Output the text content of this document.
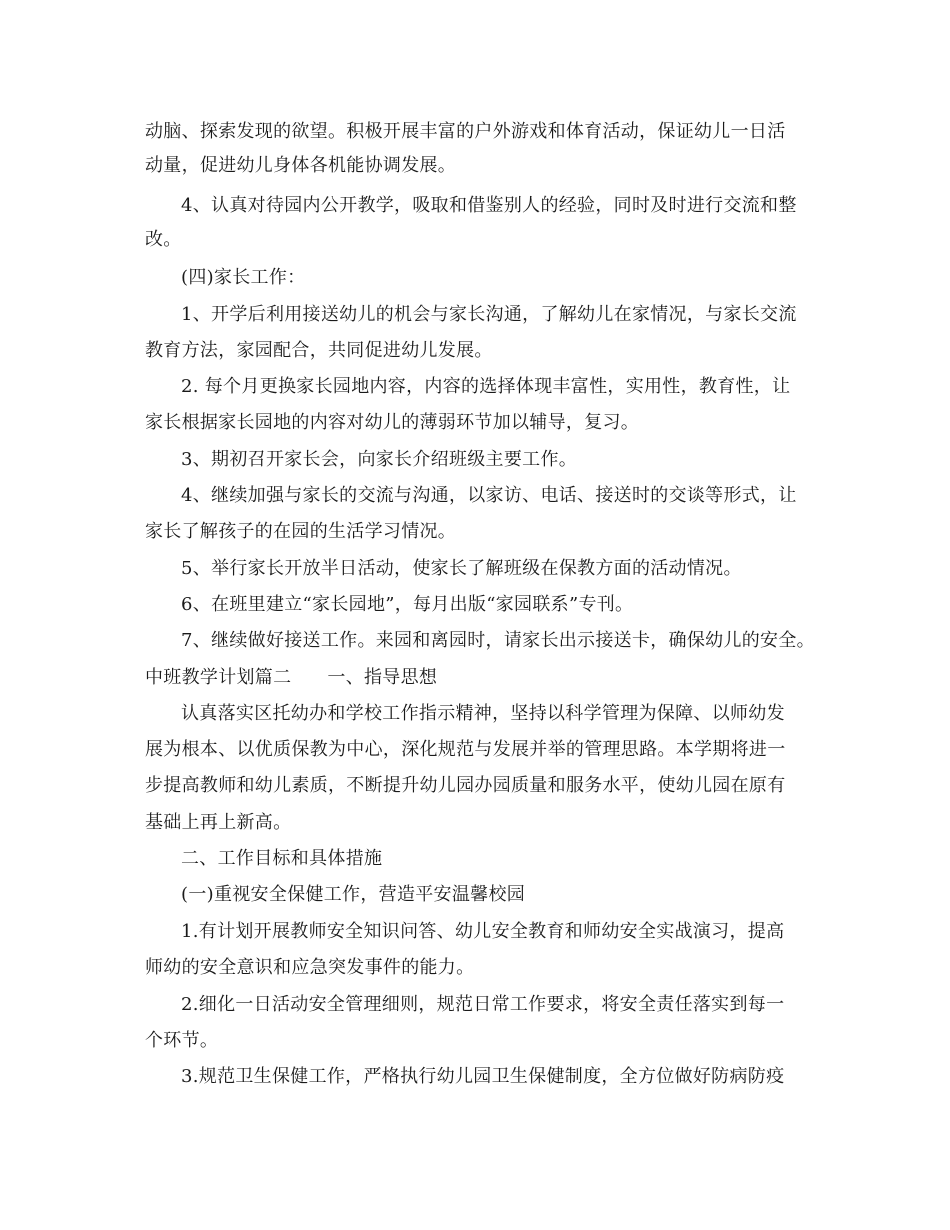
动脑、探索发现的欲望。积极开展丰富的户外游戏和体育活动，保证幼儿一日活
动量，促进幼儿身体各机能协调发展。
4、认真对待园内公开教学，吸取和借鉴别人的经验，同时及时进行交流和整
改。
(四)家长工作：
1、开学后利用接送幼儿的机会与家长沟通，了解幼儿在家情况，与家长交流
教育方法，家园配合，共同促进幼儿发展。
2. 每个月更换家长园地内容，内容的选择体现丰富性，实用性，教育性，让
家长根据家长园地的内容对幼儿的薄弱环节加以辅导，复习。
3、期初召开家长会，向家长介绍班级主要工作。
4、继续加强与家长的交流与沟通，以家访、电话、接送时的交谈等形式，让
家长了解孩子的在园的生活学习情况。
5、举行家长开放半日活动，使家长了解班级在保教方面的活动情况。
6、在班里建立“家长园地”，每月出版“家园联系”专刊。
7、继续做好接送工作。来园和离园时，请家长出示接送卡，确保幼儿的安全。
中班教学计划篇二 一、指导思想
认真落实区托幼办和学校工作指示精神，坚持以科学管理为保障、以师幼发
展为根本、以优质保教为中心，深化规范与发展并举的管理思路。本学期将进一
步提高教师和幼儿素质，不断提升幼儿园办园质量和服务水平，使幼儿园在原有
基础上再上新高。
二、工作目标和具体措施
(一)重视安全保健工作，营造平安温馨校园
1.有计划开展教师安全知识问答、幼儿安全教育和师幼安全实战演习，提高
师幼的安全意识和应急突发事件的能力。
2.细化一日活动安全管理细则，规范日常工作要求，将安全责任落实到每一
个环节。
3.规范卫生保健工作，严格执行幼儿园卫生保健制度，全方位做好防病防疫
